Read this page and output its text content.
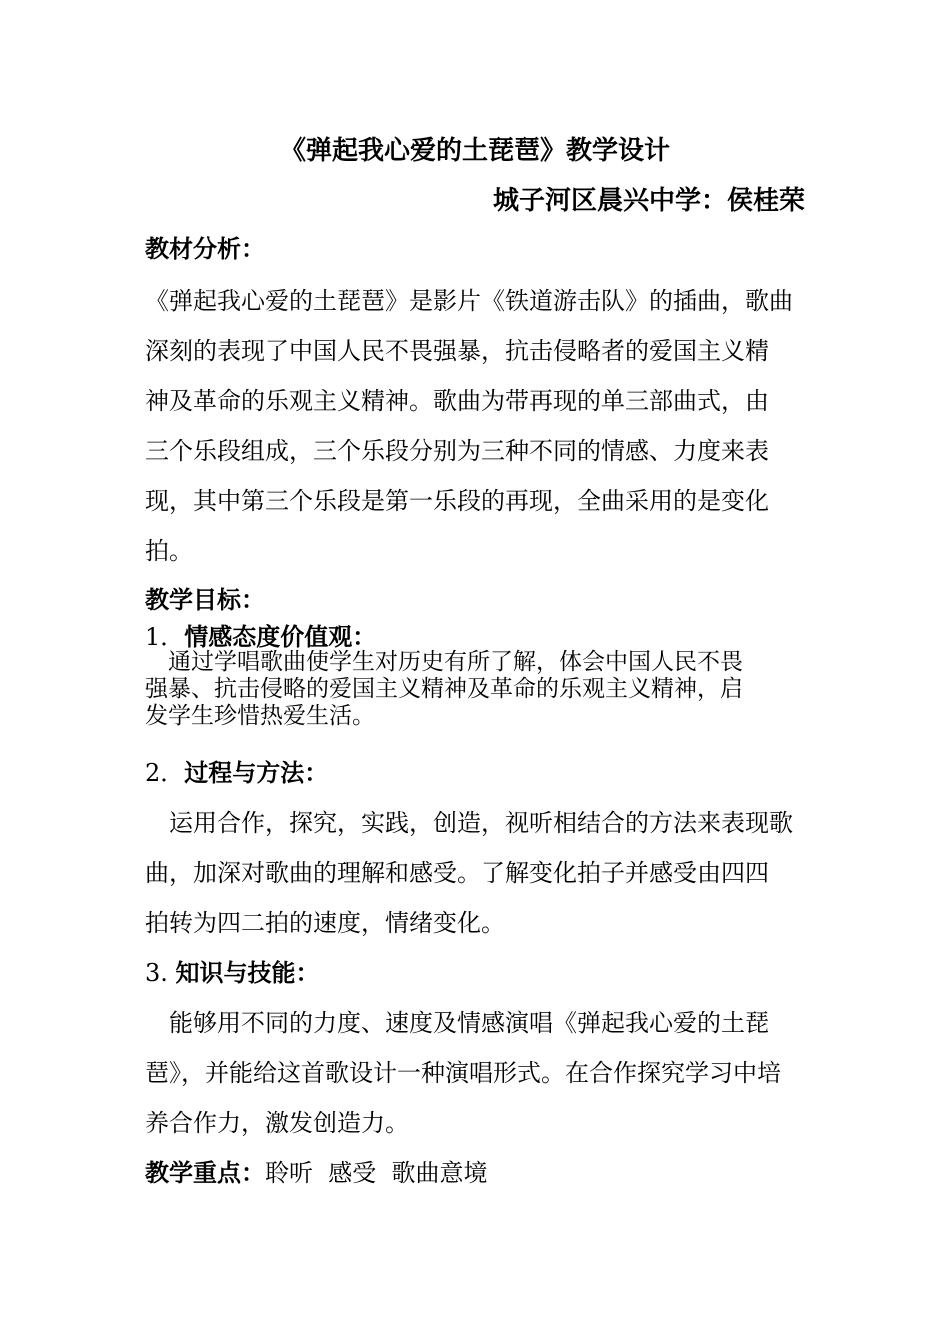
《弹起我心爱的土琵琶》教学设计
城子河区晨兴中学：侯桂荣
教材分析：
《弹起我心爱的土琵琶》是影片《铁道游击队》的插曲，歌曲
深刻的表现了中国人民不畏强暴，抗击侵略者的爱国主义精
神及革命的乐观主义精神。歌曲为带再现的单三部曲式，由
三个乐段组成，三个乐段分别为三种不同的情感、力度来表
现，其中第三个乐段是第一乐段的再现，全曲采用的是变化
拍。
教学目标：
1．情感态度价值观：
　通过学唱歌曲使学生对历史有所了解，体会中国人民不畏
强暴、抗击侵略的爱国主义精神及革命的乐观主义精神，启
发学生珍惜热爱生活。
2．过程与方法：
　运用合作，探究，实践，创造，视听相结合的方法来表现歌
曲，加深对歌曲的理解和感受。了解变化拍子并感受由四四
拍转为四二拍的速度，情绪变化。
3. 知识与技能：
　能够用不同的力度、速度及情感演唱《弹起我心爱的土琵
琶》，并能给这首歌设计一种演唱形式。在合作探究学习中培
养合作力，激发创造力。
教学重点：聆听  感受  歌曲意境
